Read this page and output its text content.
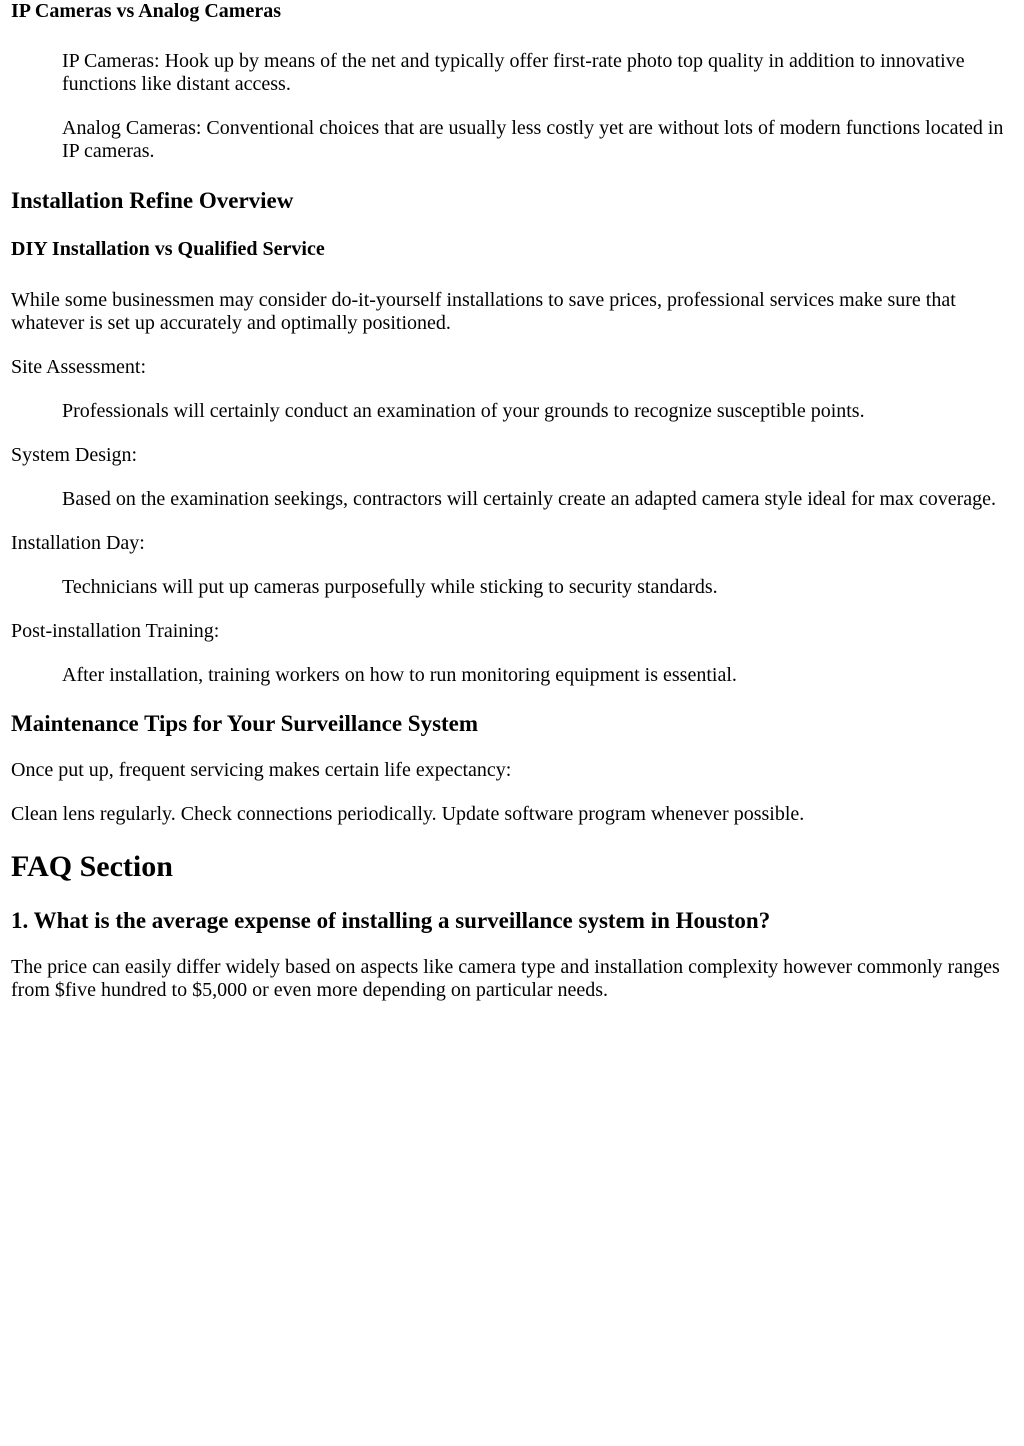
IP Cameras vs Analog Cameras

IP Cameras: Hook up by means of the net and typically offer first-rate photo top quality in addition to innovative functions like distant access.

Analog Cameras: Conventional choices that are usually less costly yet are without lots of modern functions located in IP cameras.

Installation Refine Overview
DIY Installation vs Qualified Service

While some businessmen may consider do-it-yourself installations to save prices, professional services make sure that whatever is set up accurately and optimally positioned.

Site Assessment:

Professionals will certainly conduct an examination of your grounds to recognize susceptible points.

System Design:

Based on the examination seekings, contractors will certainly create an adapted camera style ideal for max coverage.

Installation Day:

Technicians will put up cameras purposefully while sticking to security standards.

Post-installation Training:

After installation, training workers on how to run monitoring equipment is essential.

Maintenance Tips for Your Surveillance System

Once put up, frequent servicing makes certain life expectancy:

Clean lens regularly. Check connections periodically. Update software program whenever possible.

FAQ Section
1. What is the average expense of installing a surveillance system in Houston?

The price can easily differ widely based on aspects like camera type and installation complexity however commonly ranges from $five hundred to $5,000 or even more depending on particular needs.
